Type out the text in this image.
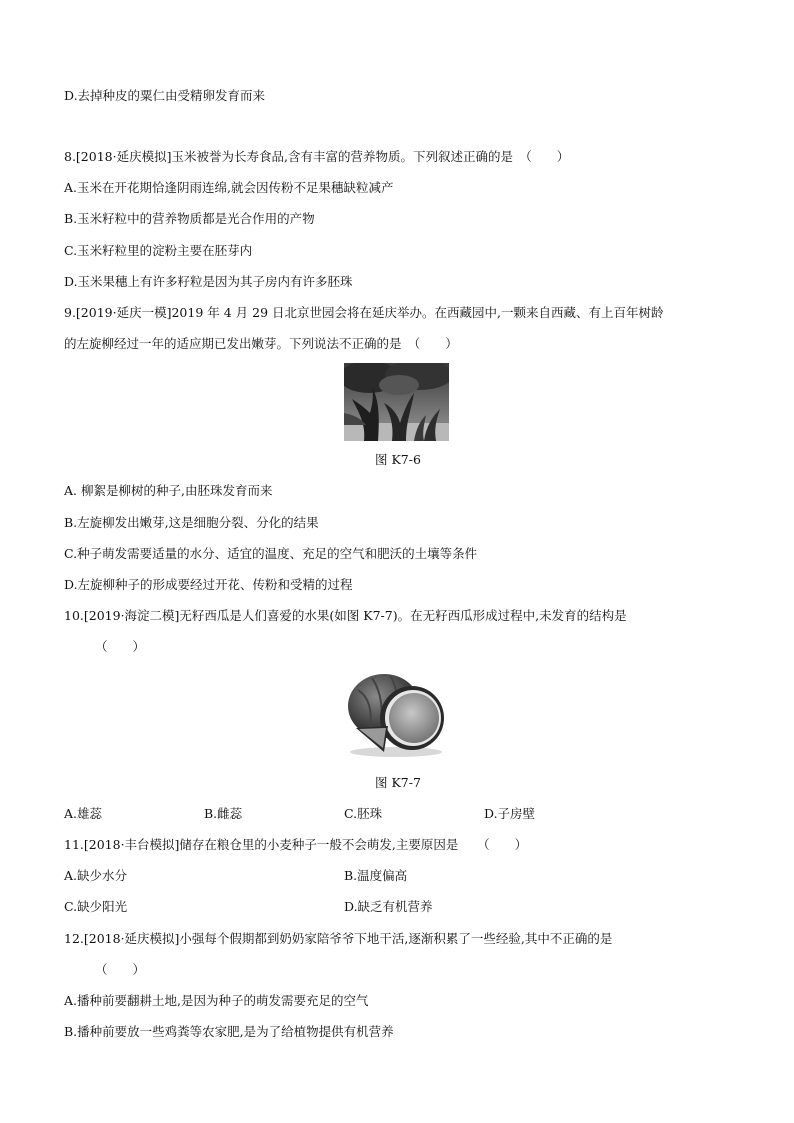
D.去掉种皮的粟仁由受精卵发育而来
8.[2018·延庆模拟]玉米被誉为长寿食品,含有丰富的营养物质。下列叙述正确的是　（　　）
A.玉米在开花期恰逢阴雨连绵,就会因传粉不足果穗缺粒减产
B.玉米籽粒中的营养物质都是光合作用的产物
C.玉米籽粒里的淀粉主要在胚芽内
D.玉米果穗上有许多籽粒是因为其子房内有许多胚珠
9.[2019·延庆一模]2019 年 4 月 29 日北京世园会将在延庆举办。在西藏园中,一颗来自西藏、有上百年树龄
的左旋柳经过一年的适应期已发出嫩芽。下列说法不正确的是　（　　）
图 K7-6
A. 柳絮是柳树的种子,由胚珠发育而来
B.左旋柳发出嫩芽,这是细胞分裂、分化的结果
C.种子萌发需要适量的水分、适宜的温度、充足的空气和肥沃的土壤等条件
D.左旋柳种子的形成要经过开花、传粉和受精的过程
10.[2019·海淀二模]无籽西瓜是人们喜爱的水果(如图 K7-7)。在无籽西瓜形成过程中,未发育的结构是
（　　）
图 K7-7
A.雄蕊	B.雌蕊	C.胚珠	D.子房壁
11.[2018·丰台模拟]储存在粮仓里的小麦种子一般不会萌发,主要原因是　　（　　）
A.缺少水分	B.温度偏高
C.缺少阳光	D.缺乏有机营养
12.[2018·延庆模拟]小强每个假期都到奶奶家陪爷爷下地干活,逐渐积累了一些经验,其中不正确的是
（　　）
A.播种前要翻耕土地,是因为种子的萌发需要充足的空气
B.播种前要放一些鸡粪等农家肥,是为了给植物提供有机营养
